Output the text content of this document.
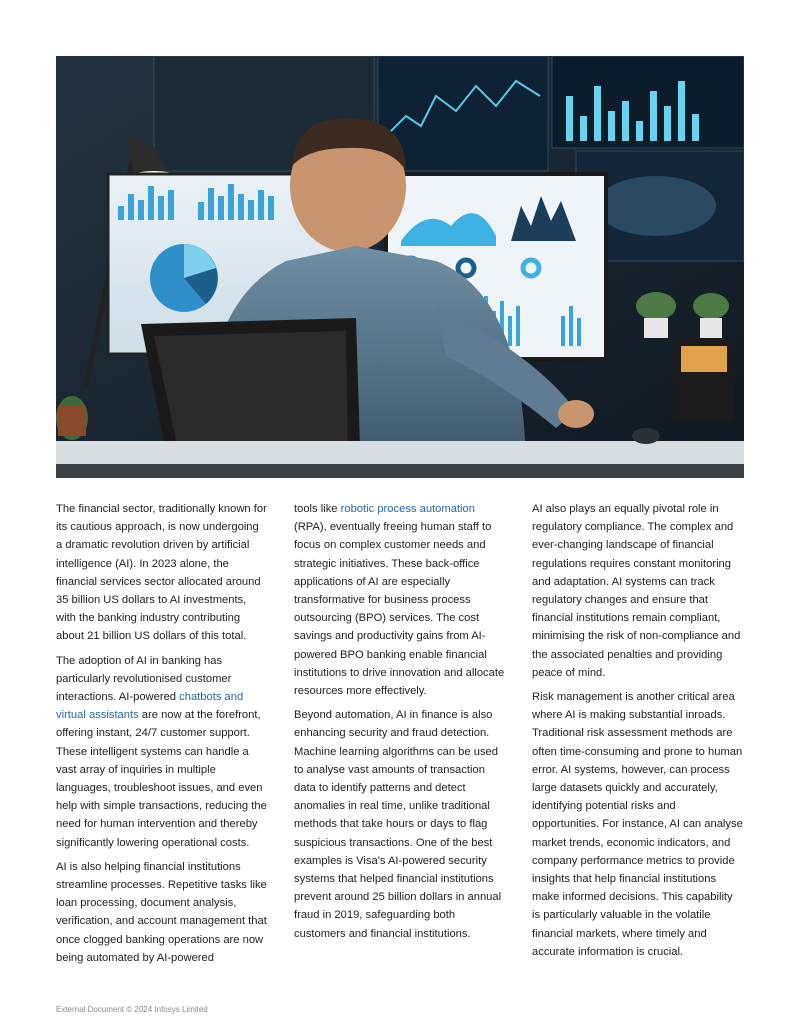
The financial sector, traditionally known for its cautious approach, is now undergoing a dramatic revolution driven by artificial intelligence (AI). In 2023 alone, the financial services sector allocated around 35 billion US dollars to AI investments, with the banking industry contributing about 21 billion US dollars of this total.

The adoption of AI in banking has particularly revolutionised customer interactions. AI-powered chatbots and virtual assistants are now at the forefront, offering instant, 24/7 customer support. These intelligent systems can handle a vast array of inquiries in multiple languages, troubleshoot issues, and even help with simple transactions, reducing the need for human intervention and thereby significantly lowering operational costs.

AI is also helping financial institutions streamline processes. Repetitive tasks like loan processing, document analysis, verification, and account management that once clogged banking operations are now being automated by AI-powered

tools like robotic process automation (RPA), eventually freeing human staff to focus on complex customer needs and strategic initiatives. These back-office applications of AI are especially transformative for business process outsourcing (BPO) services. The cost savings and productivity gains from AI-powered BPO banking enable financial institutions to drive innovation and allocate resources more effectively.

Beyond automation, AI in finance is also enhancing security and fraud detection. Machine learning algorithms can be used to analyse vast amounts of transaction data to identify patterns and detect anomalies in real time, unlike traditional methods that take hours or days to flag suspicious transactions. One of the best examples is Visa's AI-powered security systems that helped financial institutions prevent around 25 billion dollars in annual fraud in 2019, safeguarding both customers and financial institutions.

AI also plays an equally pivotal role in regulatory compliance. The complex and ever-changing landscape of financial regulations requires constant monitoring and adaptation. AI systems can track regulatory changes and ensure that financial institutions remain compliant, minimising the risk of non-compliance and the associated penalties and providing peace of mind.

Risk management is another critical area where AI is making substantial inroads. Traditional risk assessment methods are often time-consuming and prone to human error. AI systems, however, can process large datasets quickly and accurately, identifying potential risks and opportunities. For instance, AI can analyse market trends, economic indicators, and company performance metrics to provide insights that help financial institutions make informed decisions. This capability is particularly valuable in the volatile financial markets, where timely and accurate information is crucial.

External Document © 2024 Infosys Limited
